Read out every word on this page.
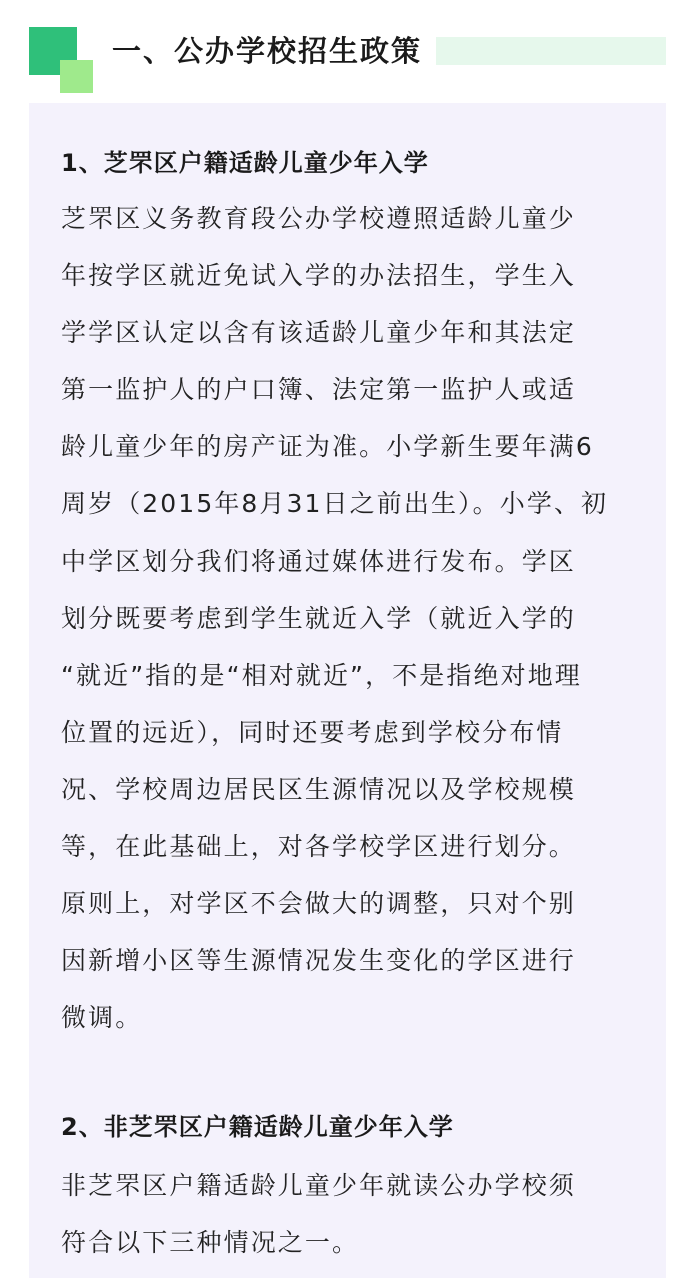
一、公办学校招生政策
1、芝罘区户籍适龄儿童少年入学
芝罘区义务教育段公办学校遵照适龄儿童少
年按学区就近免试入学的办法招生，学生入
学学区认定以含有该适龄儿童少年和其法定
第一监护人的户口簿、法定第一监护人或适
龄儿童少年的房产证为准。小学新生要年满6
周岁（2015年8月31日之前出生）。小学、初
中学区划分我们将通过媒体进行发布。学区
划分既要考虑到学生就近入学（就近入学的
“就近”指的是“相对就近”，不是指绝对地理
位置的远近），同时还要考虑到学校分布情
况、学校周边居民区生源情况以及学校规模
等，在此基础上，对各学校学区进行划分。
原则上，对学区不会做大的调整，只对个别
因新增小区等生源情况发生变化的学区进行
微调。
2、非芝罘区户籍适龄儿童少年入学
非芝罘区户籍适龄儿童少年就读公办学校须
符合以下三种情况之一。
